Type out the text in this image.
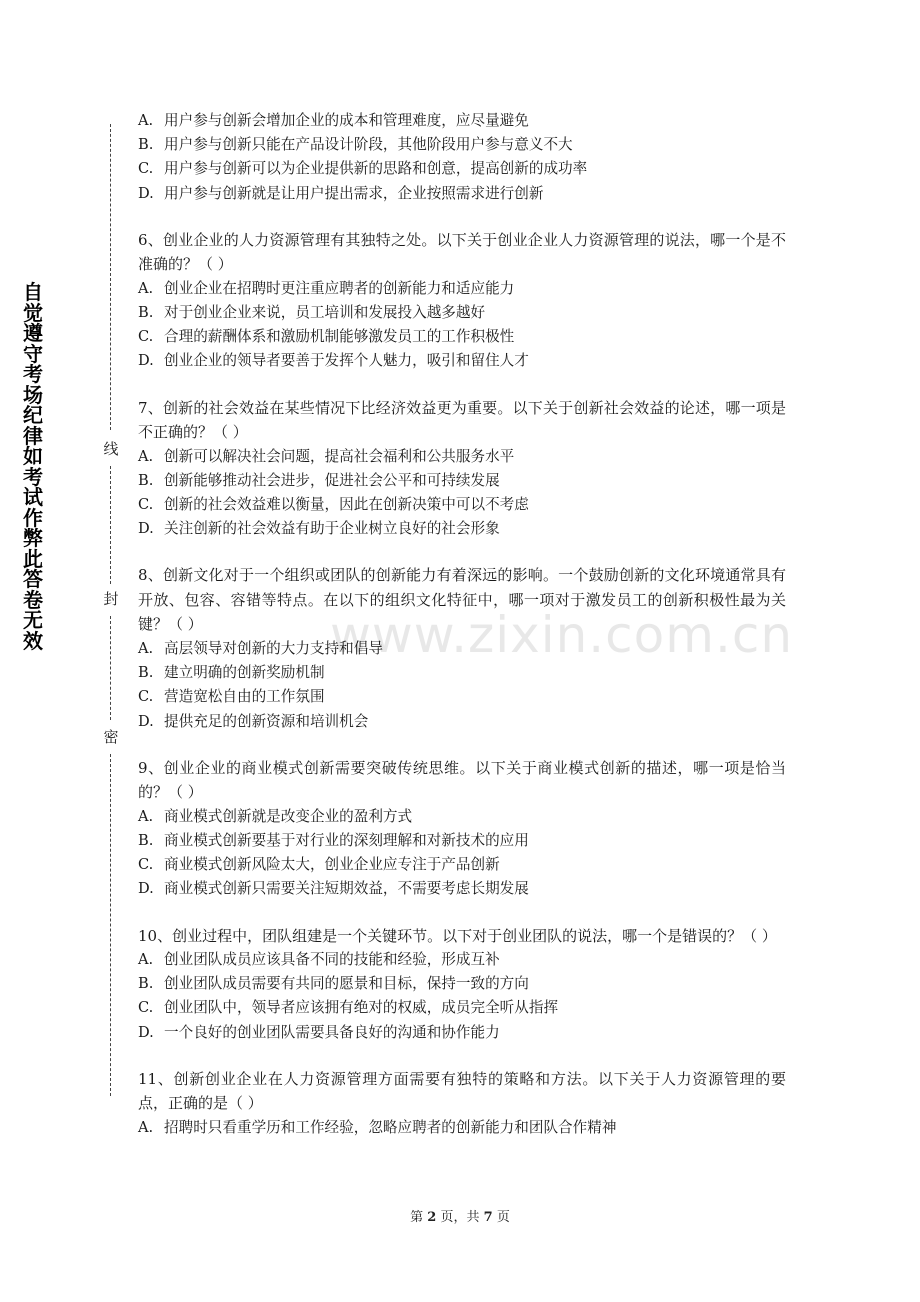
自觉遵守考场纪律如考试作弊此答卷无效
线
封
密
www.zixin.com.cn

A. 用户参与创新会增加企业的成本和管理难度，应尽量避免

B. 用户参与创新只能在产品设计阶段，其他阶段用户参与意义不大

C. 用户参与创新可以为企业提供新的思路和创意，提高创新的成功率

D. 用户参与创新就是让用户提出需求，企业按照需求进行创新

6、创业企业的人力资源管理有其独特之处。以下关于创业企业人力资源管理的说法，哪一个是不准确的？（ ）

A. 创业企业在招聘时更注重应聘者的创新能力和适应能力

B. 对于创业企业来说，员工培训和发展投入越多越好

C. 合理的薪酬体系和激励机制能够激发员工的工作积极性

D. 创业企业的领导者要善于发挥个人魅力，吸引和留住人才

7、创新的社会效益在某些情况下比经济效益更为重要。以下关于创新社会效益的论述，哪一项是不正确的？（ ）

A. 创新可以解决社会问题，提高社会福利和公共服务水平

B. 创新能够推动社会进步，促进社会公平和可持续发展

C. 创新的社会效益难以衡量，因此在创新决策中可以不考虑

D. 关注创新的社会效益有助于企业树立良好的社会形象

8、创新文化对于一个组织或团队的创新能力有着深远的影响。一个鼓励创新的文化环境通常具有开放、包容、容错等特点。在以下的组织文化特征中，哪一项对于激发员工的创新积极性最为关键？（ ）

A. 高层领导对创新的大力支持和倡导

B. 建立明确的创新奖励机制

C. 营造宽松自由的工作氛围

D. 提供充足的创新资源和培训机会

9、创业企业的商业模式创新需要突破传统思维。以下关于商业模式创新的描述，哪一项是恰当的？（ ）

A. 商业模式创新就是改变企业的盈利方式

B. 商业模式创新要基于对行业的深刻理解和对新技术的应用

C. 商业模式创新风险太大，创业企业应专注于产品创新

D. 商业模式创新只需要关注短期效益，不需要考虑长期发展

10、创业过程中，团队组建是一个关键环节。以下对于创业团队的说法，哪一个是错误的？（ ）

A. 创业团队成员应该具备不同的技能和经验，形成互补

B. 创业团队成员需要有共同的愿景和目标，保持一致的方向

C. 创业团队中，领导者应该拥有绝对的权威，成员完全听从指挥

D. 一个良好的创业团队需要具备良好的沟通和协作能力

11、创新创业企业在人力资源管理方面需要有独特的策略和方法。以下关于人力资源管理的要点，正确的是（ ）

A. 招聘时只看重学历和工作经验，忽略应聘者的创新能力和团队合作精神

第 2 页，共 7 页
